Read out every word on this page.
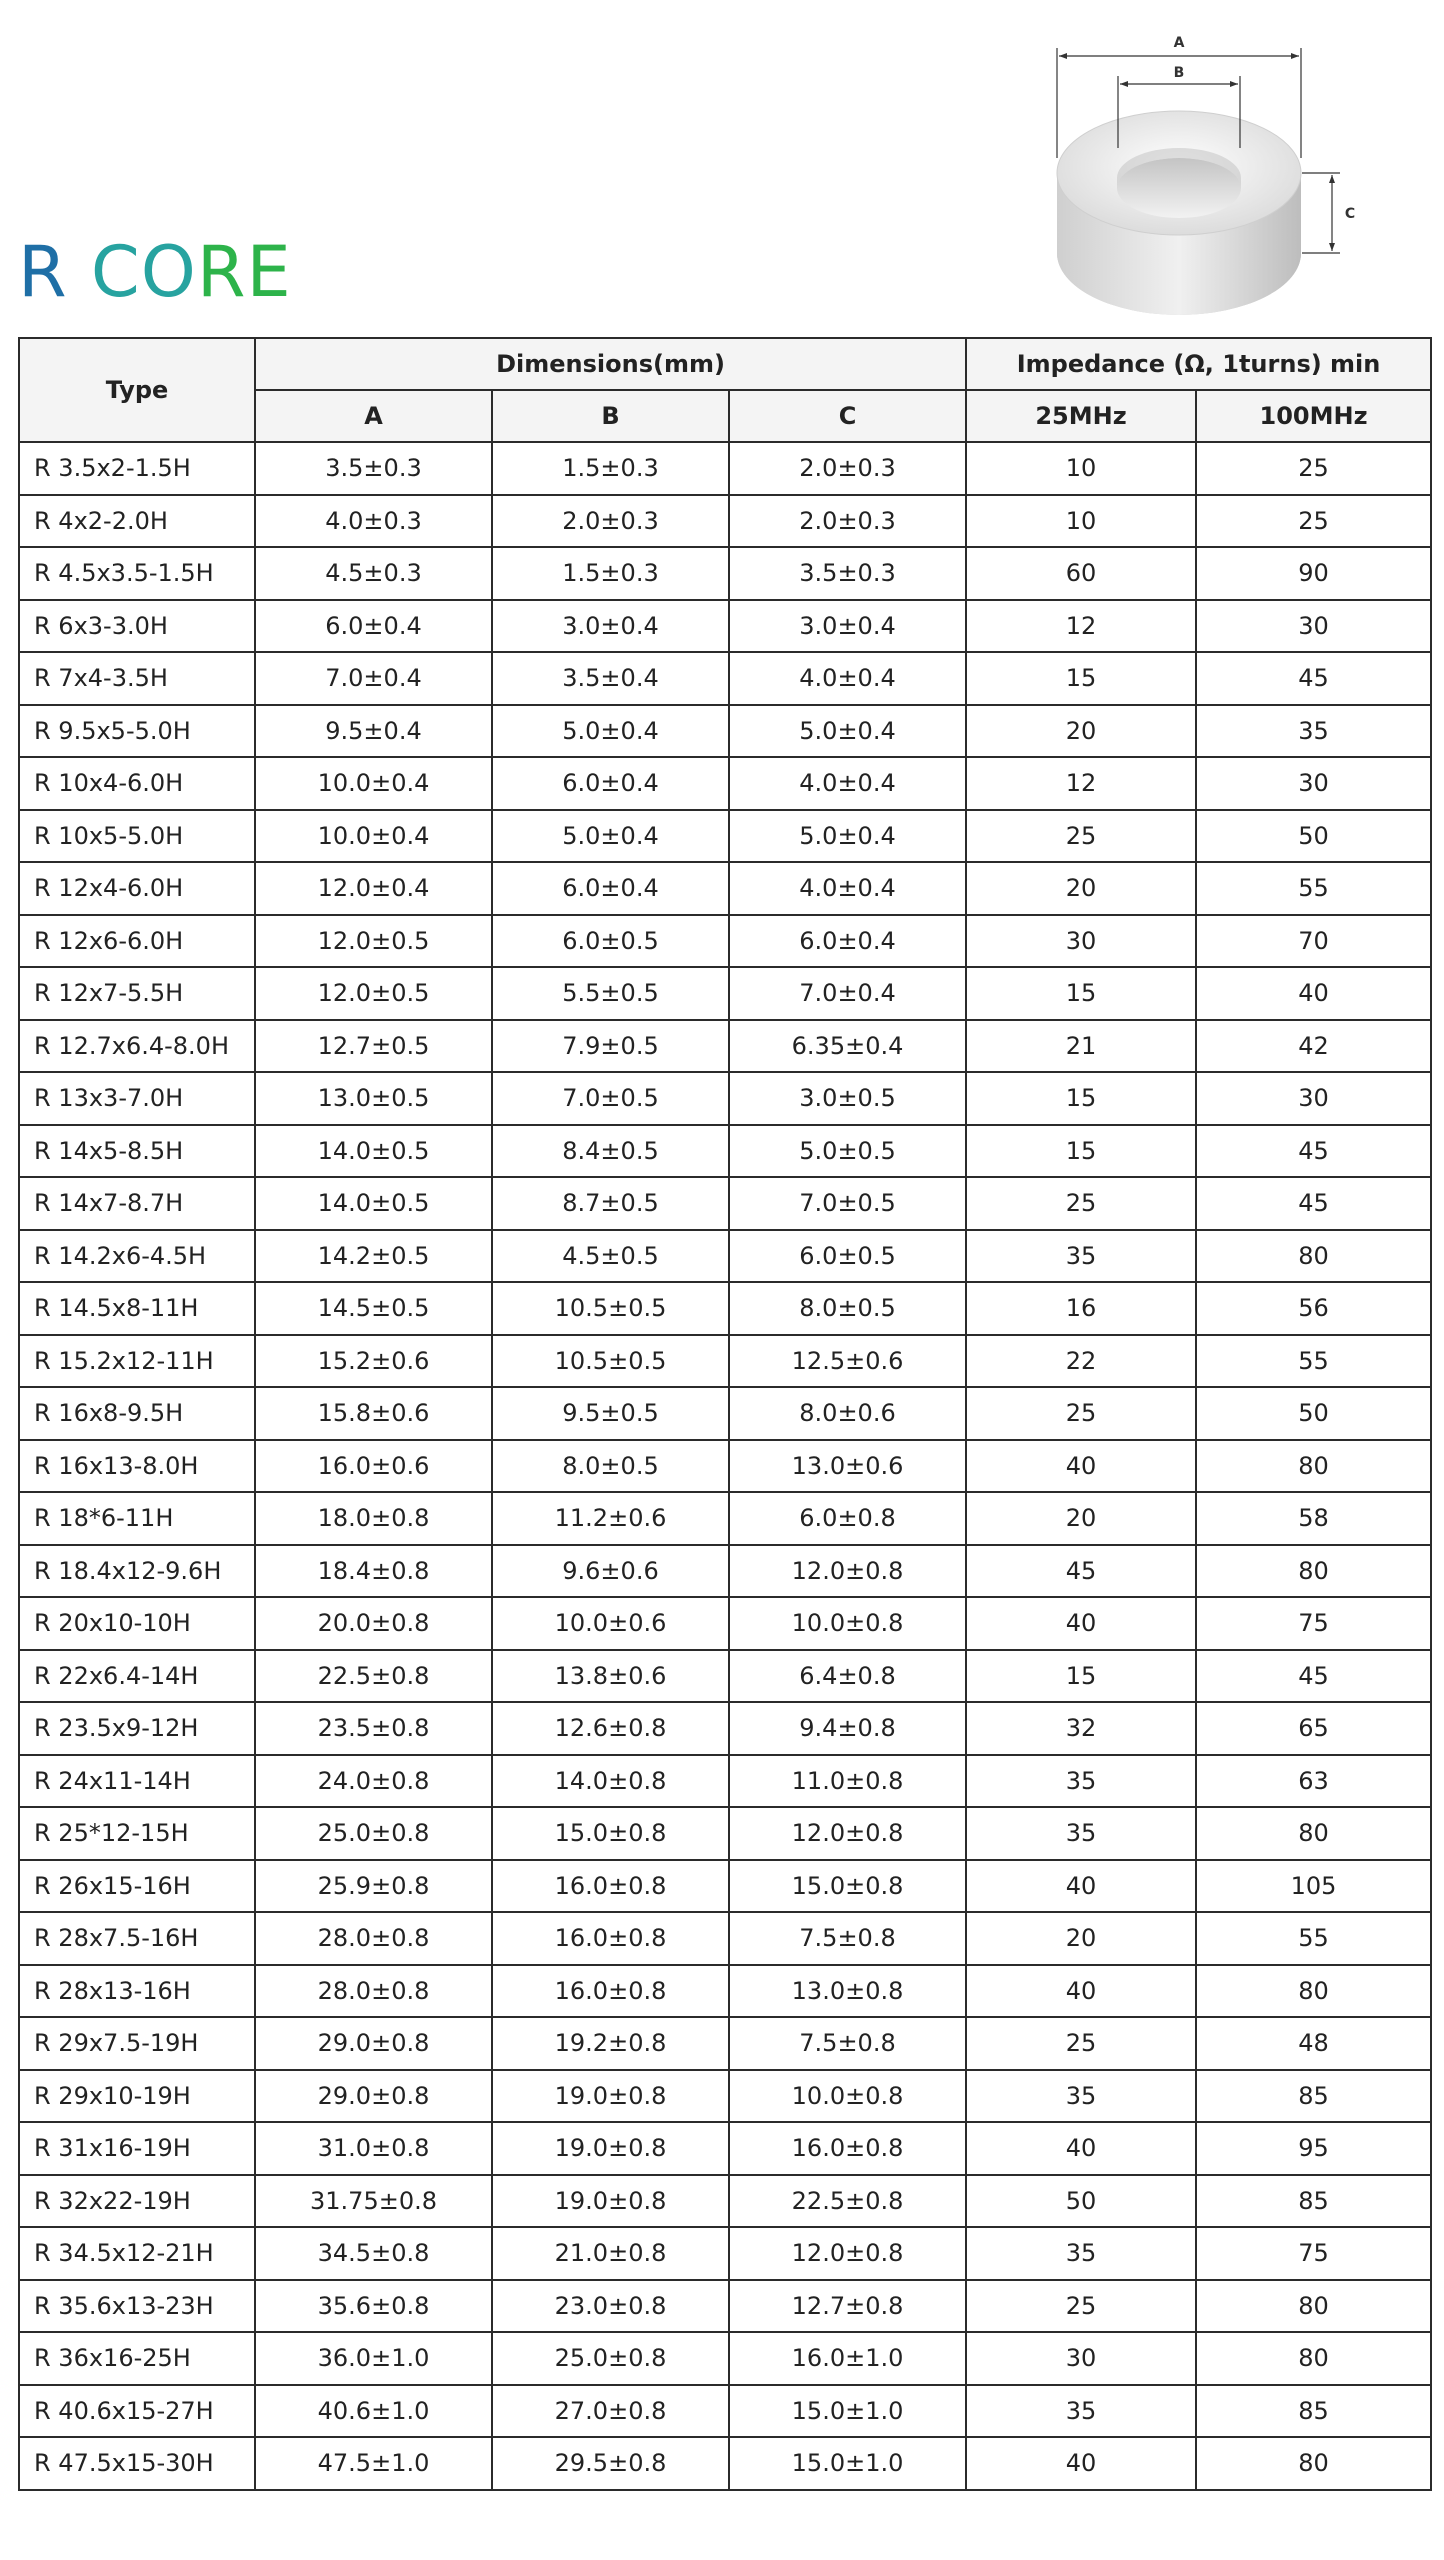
R CORE
A
B
C
Type	Dimensions(mm)			Impedance (Ω, 1turns) min	
	A	B	C	25MHz	100MHz
R 3.5x2-1.5H	3.5±0.3	1.5±0.3	2.0±0.3	10	25
R 4x2-2.0H	4.0±0.3	2.0±0.3	2.0±0.3	10	25
R 4.5x3.5-1.5H	4.5±0.3	1.5±0.3	3.5±0.3	60	90
R 6x3-3.0H	6.0±0.4	3.0±0.4	3.0±0.4	12	30
R 7x4-3.5H	7.0±0.4	3.5±0.4	4.0±0.4	15	45
R 9.5x5-5.0H	9.5±0.4	5.0±0.4	5.0±0.4	20	35
R 10x4-6.0H	10.0±0.4	6.0±0.4	4.0±0.4	12	30
R 10x5-5.0H	10.0±0.4	5.0±0.4	5.0±0.4	25	50
R 12x4-6.0H	12.0±0.4	6.0±0.4	4.0±0.4	20	55
R 12x6-6.0H	12.0±0.5	6.0±0.5	6.0±0.4	30	70
R 12x7-5.5H	12.0±0.5	5.5±0.5	7.0±0.4	15	40
R 12.7x6.4-8.0H	12.7±0.5	7.9±0.5	6.35±0.4	21	42
R 13x3-7.0H	13.0±0.5	7.0±0.5	3.0±0.5	15	30
R 14x5-8.5H	14.0±0.5	8.4±0.5	5.0±0.5	15	45
R 14x7-8.7H	14.0±0.5	8.7±0.5	7.0±0.5	25	45
R 14.2x6-4.5H	14.2±0.5	4.5±0.5	6.0±0.5	35	80
R 14.5x8-11H	14.5±0.5	10.5±0.5	8.0±0.5	16	56
R 15.2x12-11H	15.2±0.6	10.5±0.5	12.5±0.6	22	55
R 16x8-9.5H	15.8±0.6	9.5±0.5	8.0±0.6	25	50
R 16x13-8.0H	16.0±0.6	8.0±0.5	13.0±0.6	40	80
R 18*6-11H	18.0±0.8	11.2±0.6	6.0±0.8	20	58
R 18.4x12-9.6H	18.4±0.8	9.6±0.6	12.0±0.8	45	80
R 20x10-10H	20.0±0.8	10.0±0.6	10.0±0.8	40	75
R 22x6.4-14H	22.5±0.8	13.8±0.6	6.4±0.8	15	45
R 23.5x9-12H	23.5±0.8	12.6±0.8	9.4±0.8	32	65
R 24x11-14H	24.0±0.8	14.0±0.8	11.0±0.8	35	63
R 25*12-15H	25.0±0.8	15.0±0.8	12.0±0.8	35	80
R 26x15-16H	25.9±0.8	16.0±0.8	15.0±0.8	40	105
R 28x7.5-16H	28.0±0.8	16.0±0.8	7.5±0.8	20	55
R 28x13-16H	28.0±0.8	16.0±0.8	13.0±0.8	40	80
R 29x7.5-19H	29.0±0.8	19.2±0.8	7.5±0.8	25	48
R 29x10-19H	29.0±0.8	19.0±0.8	10.0±0.8	35	85
R 31x16-19H	31.0±0.8	19.0±0.8	16.0±0.8	40	95
R 32x22-19H	31.75±0.8	19.0±0.8	22.5±0.8	50	85
R 34.5x12-21H	34.5±0.8	21.0±0.8	12.0±0.8	35	75
R 35.6x13-23H	35.6±0.8	23.0±0.8	12.7±0.8	25	80
R 36x16-25H	36.0±1.0	25.0±0.8	16.0±1.0	30	80
R 40.6x15-27H	40.6±1.0	27.0±0.8	15.0±1.0	35	85
R 47.5x15-30H	47.5±1.0	29.5±0.8	15.0±1.0	40	80
